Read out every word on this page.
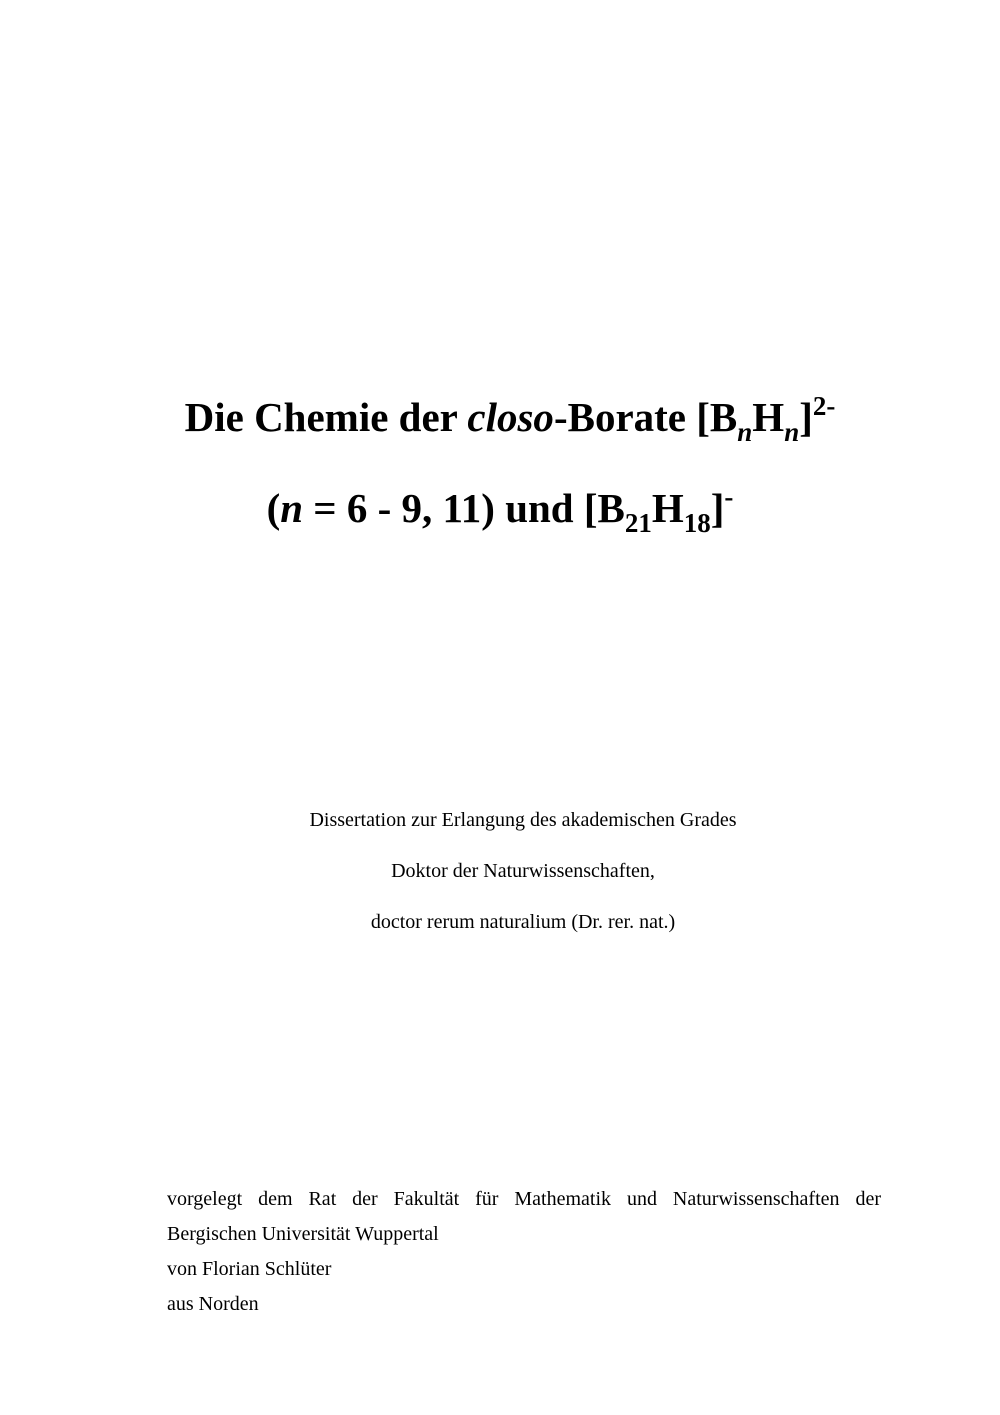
Die Chemie der closo-Borate $[B_nH_n]^{2-}$
(n = 6 - 9, 11) und $[B_{21}H_{18}]^-$
Dissertation zur Erlangung des akademischen Grades
Doktor der Naturwissenschaften,
doctor rerum naturalium (Dr. rer. nat.)
vorgelegt dem Rat der Fakultät für Mathematik und Naturwissenschaften der
Bergischen Universität Wuppertal
von Florian Schlüter
aus Norden
